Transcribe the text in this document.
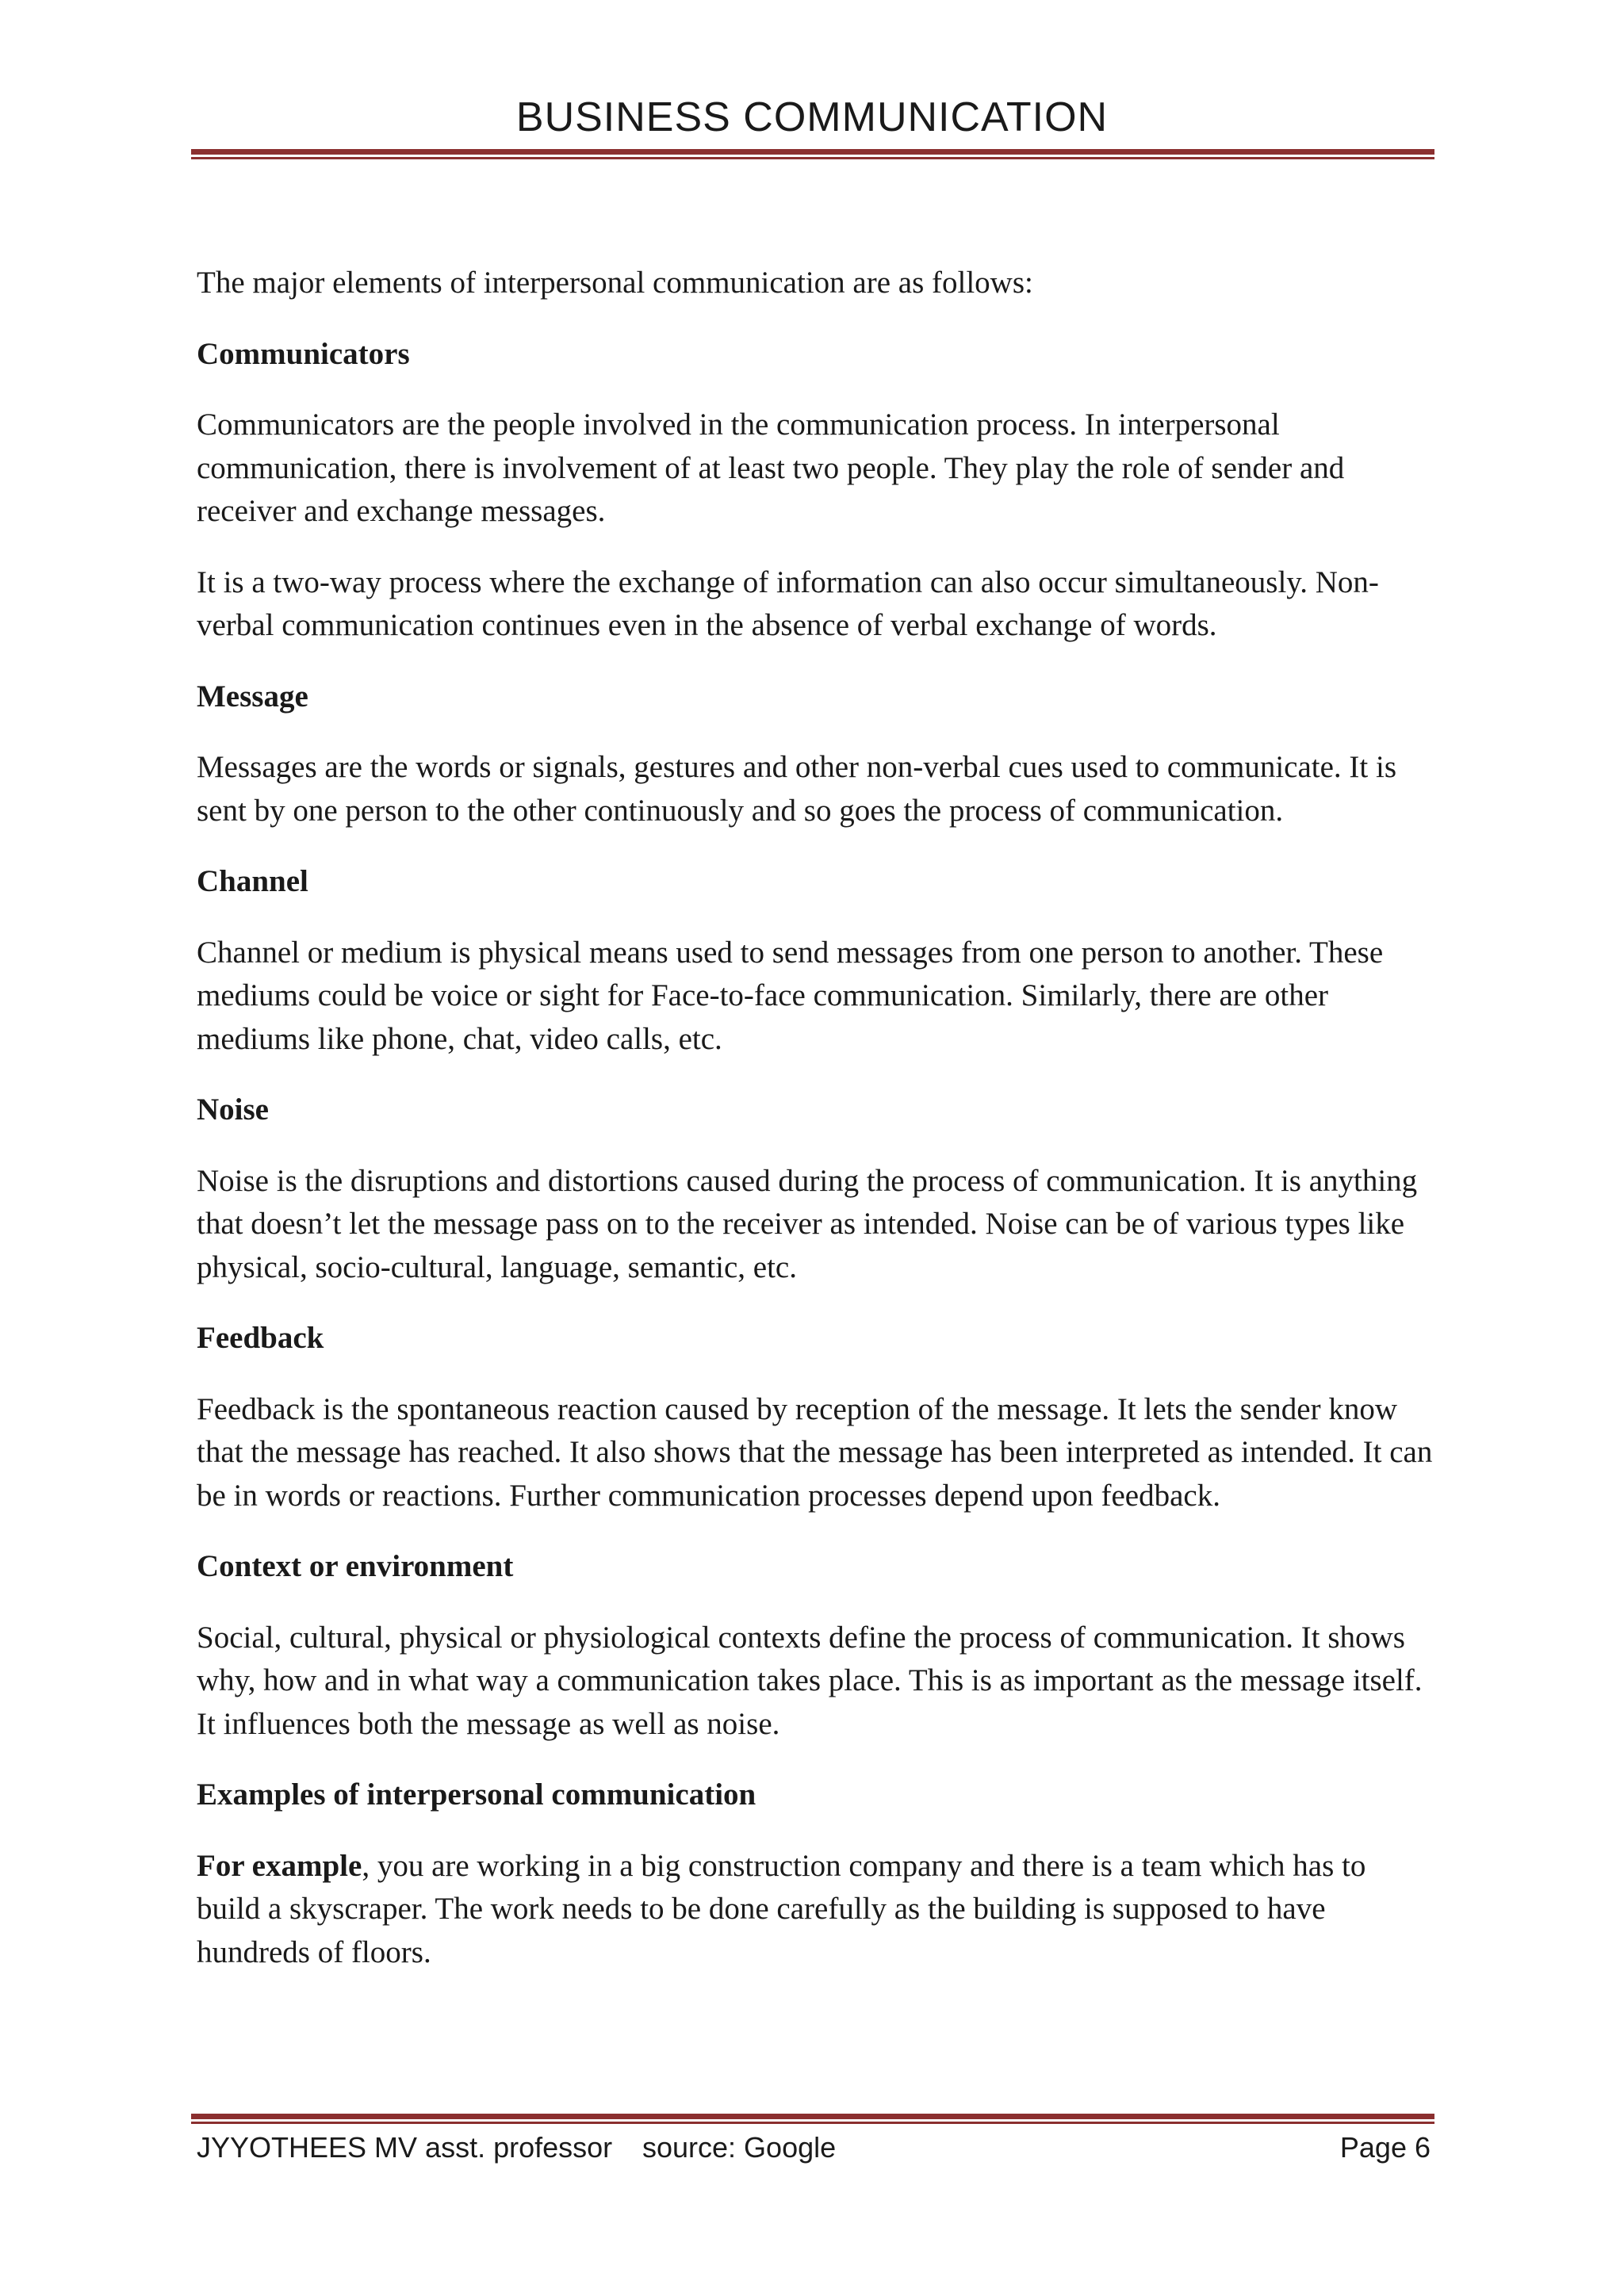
BUSINESS COMMUNICATION

The major elements of interpersonal communication are as follows:

Communicators

Communicators are the people involved in the communication process. In interpersonal communication, there is involvement of at least two people. They play the role of sender and receiver and exchange messages.

It is a two-way process where the exchange of information can also occur simultaneously. Non-verbal communication continues even in the absence of verbal exchange of words.

Message

Messages are the words or signals, gestures and other non-verbal cues used to communicate. It is sent by one person to the other continuously and so goes the process of communication.

Channel

Channel or medium is physical means used to send messages from one person to another. These mediums could be voice or sight for Face-to-face communication. Similarly, there are other mediums like phone, chat, video calls, etc.

Noise

Noise is the disruptions and distortions caused during the process of communication. It is anything that doesn’t let the message pass on to the receiver as intended. Noise can be of various types like physical, socio-cultural, language, semantic, etc.

Feedback

Feedback is the spontaneous reaction caused by reception of the message. It lets the sender know that the message has reached. It also shows that the message has been interpreted as intended. It can be in words or reactions. Further communication processes depend upon feedback.

Context or environment

Social, cultural, physical or physiological contexts define the process of communication. It shows why, how and in what way a communication takes place. This is as important as the message itself. It influences both the message as well as noise.

Examples of interpersonal communication

For example, you are working in a big construction company and there is a team which has to build a skyscraper. The work needs to be done carefully as the building is supposed to have hundreds of floors.

JYYOTHEES MV asst. professor source: Google	Page 6
